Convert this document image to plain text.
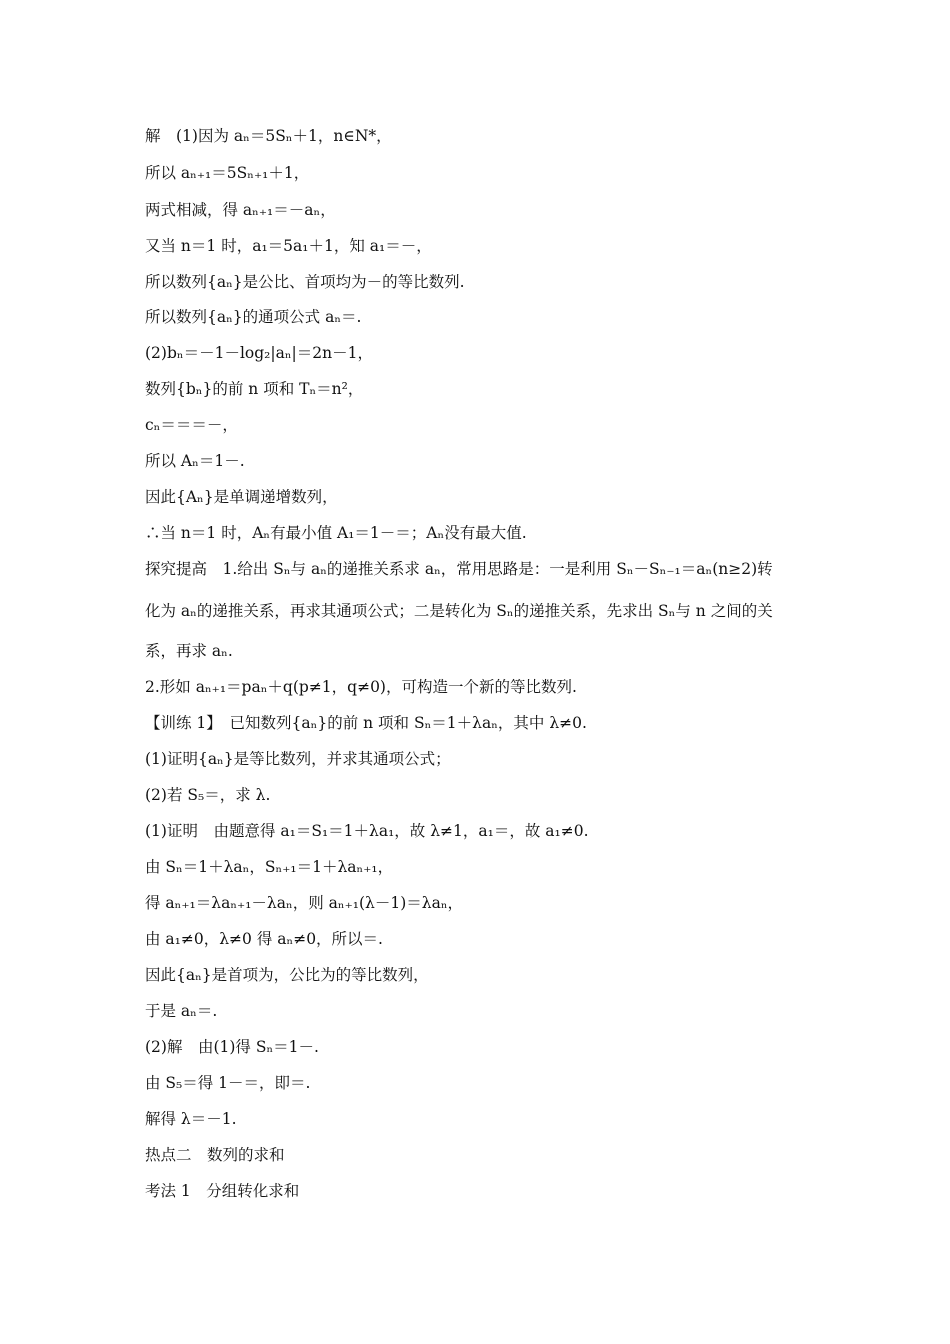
解　(1)因为 aₙ＝5Sₙ＋1，n∈N*，
所以 aₙ₊₁＝5Sₙ₊₁＋1，
两式相减，得 aₙ₊₁＝－aₙ，
又当 n＝1 时，a₁＝5a₁＋1，知 a₁＝－，
所以数列{aₙ}是公比、首项均为－的等比数列.
所以数列{aₙ}的通项公式 aₙ＝.
(2)bₙ＝－1－log₂|aₙ|＝2n－1，
数列{bₙ}的前 n 项和 Tₙ＝n²，
cₙ＝＝＝－，
所以 Aₙ＝1－.
因此{Aₙ}是单调递增数列，
∴当 n＝1 时，Aₙ有最小值 A₁＝1－＝；Aₙ没有最大值.
探究提高　1.给出 Sₙ与 aₙ的递推关系求 aₙ，常用思路是：一是利用 Sₙ－Sₙ₋₁＝aₙ(n≥2)转
化为 aₙ的递推关系，再求其通项公式；二是转化为 Sₙ的递推关系，先求出 Sₙ与 n 之间的关
系，再求 aₙ.
2.形如 aₙ₊₁＝paₙ＋q(p≠1，q≠0)，可构造一个新的等比数列.
【训练 1】　已知数列{aₙ}的前 n 项和 Sₙ＝1＋λaₙ，其中 λ≠0.
(1)证明{aₙ}是等比数列，并求其通项公式；
(2)若 S₅＝，求 λ.
(1)证明　由题意得 a₁＝S₁＝1＋λa₁，故 λ≠1，a₁＝，故 a₁≠0.
由 Sₙ＝1＋λaₙ，Sₙ₊₁＝1＋λaₙ₊₁，
得 aₙ₊₁＝λaₙ₊₁－λaₙ，则 aₙ₊₁(λ－1)＝λaₙ，
由 a₁≠0，λ≠0 得 aₙ≠0，所以＝.
因此{aₙ}是首项为，公比为的等比数列，
于是 aₙ＝.
(2)解　由(1)得 Sₙ＝1－.
由 S₅＝得 1－＝，即＝.
解得 λ＝－1.
热点二　数列的求和
考法 1　分组转化求和
